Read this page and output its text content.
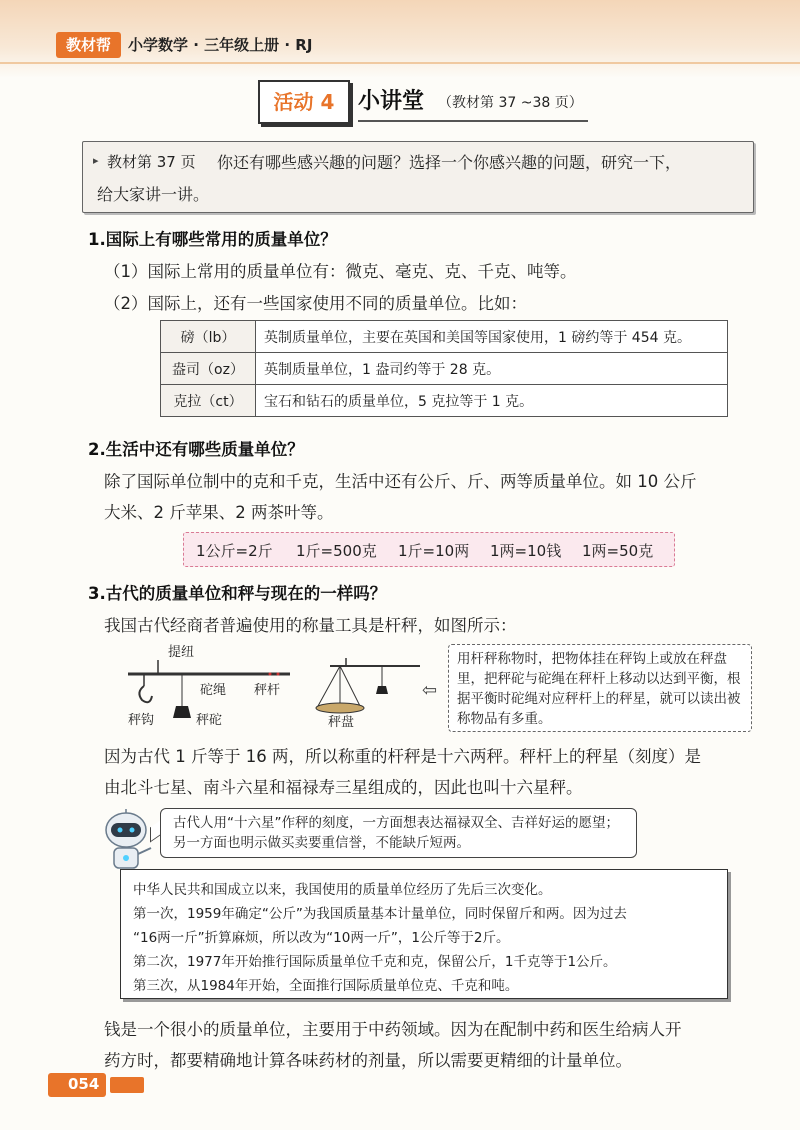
教材帮	小学数学 · 三年级上册 · RJ
活动 4	小讲堂 （教材第 37 ~38 页）
▸ 教材第 37 页 你还有哪些感兴趣的问题？选择一个你感兴趣的问题，研究一下，
给大家讲一讲。
1.国际上有哪些常用的质量单位？

（1）国际上常用的质量单位有：微克、毫克、克、千克、吨等。

（2）国际上，还有一些国家使用不同的质量单位。比如：

磅（lb）	英制质量单位，主要在英国和美国等国家使用，1 磅约等于 454 克。
盎司（oz）	英制质量单位，1 盎司约等于 28 克。
克拉（ct）	宝石和钻石的质量单位，5 克拉等于 1 克。
2.生活中还有哪些质量单位？

除了国际单位制中的克和千克，生活中还有公斤、斤、两等质量单位。如 10 公斤

大米、2 斤苹果、2 两茶叶等。

1公斤=2斤 1斤=500克 1斤=10两 1两=10钱 1两=50克
3.古代的质量单位和秤与现在的一样吗？

我国古代经商者普遍使用的称量工具是杆秤，如图所示：

提纽
砣绳 秤杆
秤钩	秤砣	秤盘
⇦

用杆秤称物时，把物体挂在秤钩上或放在秤盘里，把秤砣与砣绳在秤杆上移动以达到平衡，根据平衡时砣绳对应秤杆上的秤星，就可以读出被称物品有多重。

因为古代 1 斤等于 16 两，所以称重的杆秤是十六两秤。秤杆上的秤星（刻度）是

由北斗七星、南斗六星和福禄寿三星组成的，因此也叫十六星秤。

古代人用“十六星”作秤的刻度，一方面想表达福禄双全、吉祥好运的愿望；另一方面也明示做买卖要重信誉，不能缺斤短两。

中华人民共和国成立以来，我国使用的质量单位经历了先后三次变化。
第一次，1959年确定“公斤”为我国质量基本计量单位，同时保留斤和两。因为过去
“16两一斤”折算麻烦，所以改为“10两一斤”，1公斤等于2斤。
第二次，1977年开始推行国际质量单位千克和克，保留公斤，1千克等于1公斤。
第三次，从1984年开始，全面推行国际质量单位克、千克和吨。

钱是一个很小的质量单位，主要用于中药领域。因为在配制中药和医生给病人开

药方时，都要精确地计算各味药材的剂量，所以需要更精细的计量单位。

054
